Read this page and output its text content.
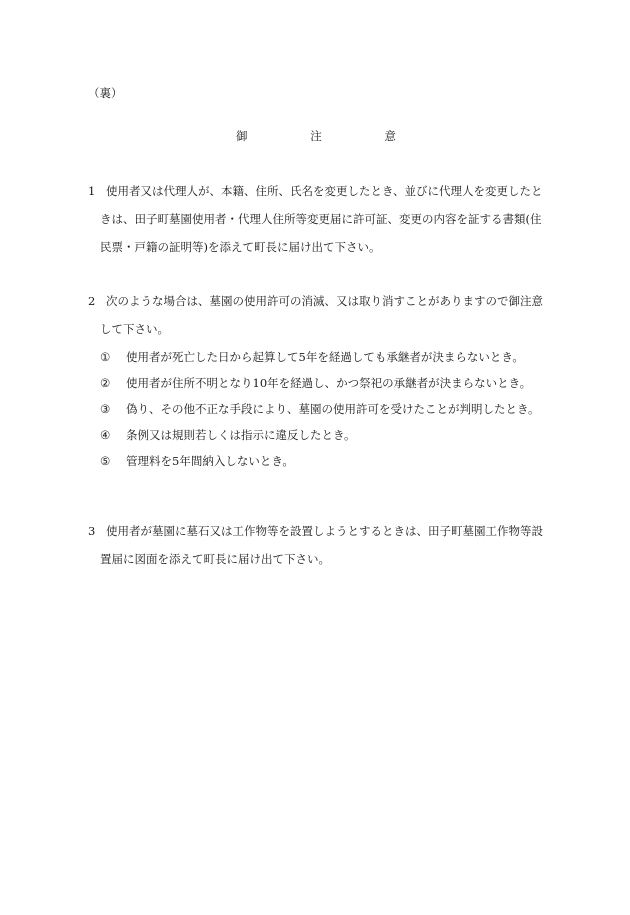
（裏）
御	注	意
1 使用者又は代理人が、本籍、住所、氏名を変更したとき、並びに代理人を変更したと
きは、田子町墓園使用者・代理人住所等変更届に許可証、変更の内容を証する書類(住
民票・戸籍の証明等)を添えて町長に届け出て下さい。
2 次のような場合は、墓園の使用許可の消滅、又は取り消すことがありますので御注意
して下さい。
① 使用者が死亡した日から起算して5年を経過しても承継者が決まらないとき。
② 使用者が住所不明となり10年を経過し、かつ祭祀の承継者が決まらないとき。
③ 偽り、その他不正な手段により、墓園の使用許可を受けたことが判明したとき。
④ 条例又は規則若しくは指示に違反したとき。
⑤ 管理料を5年間納入しないとき。
3 使用者が墓園に墓石又は工作物等を設置しようとするときは、田子町墓園工作物等設
置届に図面を添えて町長に届け出て下さい。
